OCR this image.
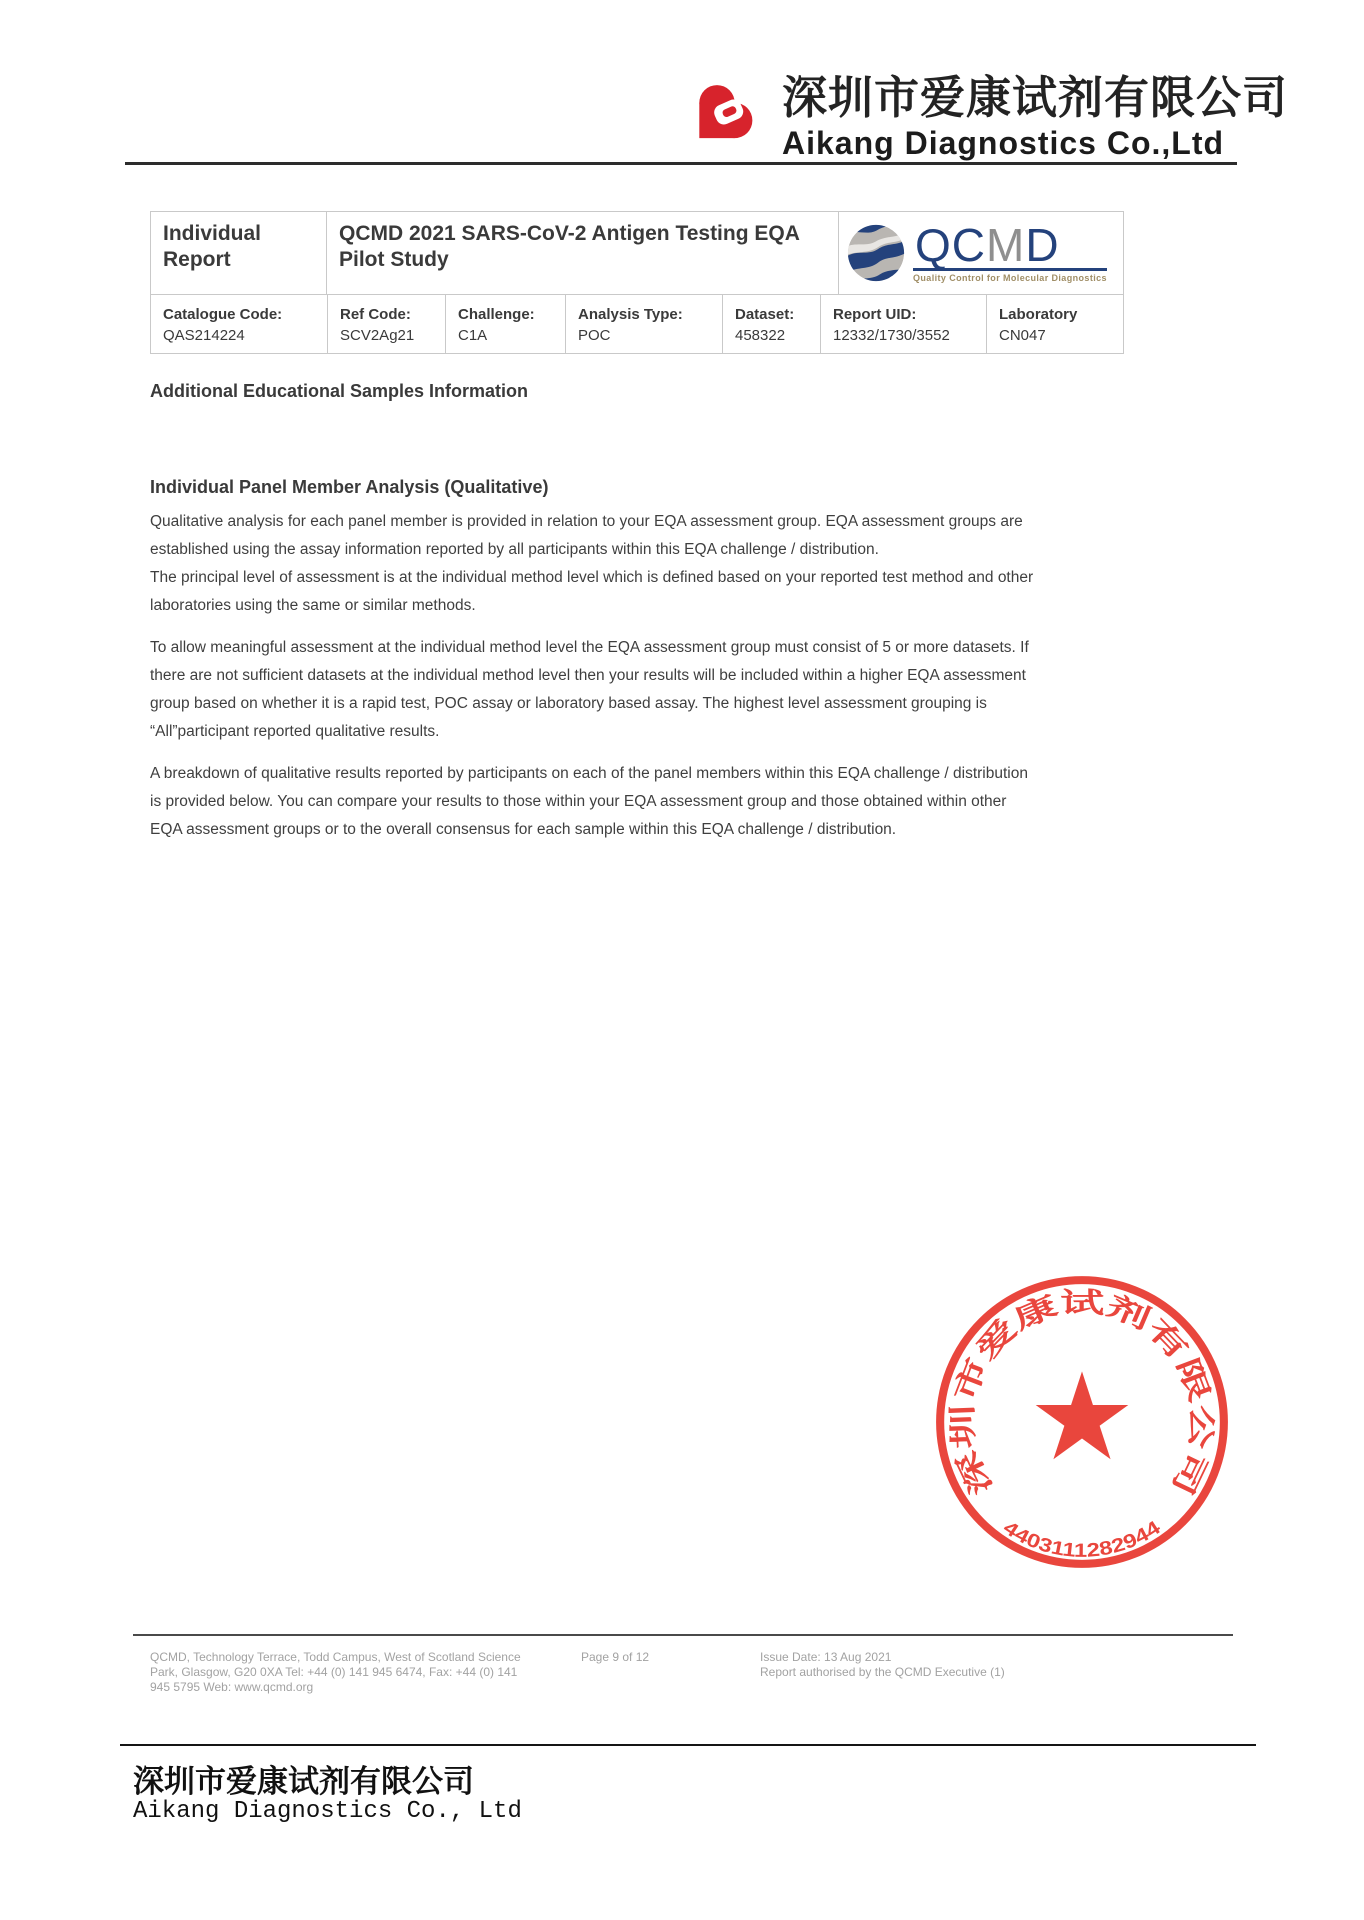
深圳市爱康试剂有限公司
Aikang Diagnostics Co.,Ltd
Individual Report
QCMD 2021 SARS-CoV-2 Antigen Testing EQA Pilot Study	QCMD
Quality Control for Molecular Diagnostics
Catalogue Code:
QAS214224
Ref Code:
SCV2Ag21
Challenge:
C1A
Analysis Type:
POC
Dataset:
458322
Report UID:
12332/1730/3552
Laboratory
CN047
Additional Educational Samples Information
Individual Panel Member Analysis (Qualitative)
Qualitative analysis for each panel member is provided in relation to your EQA assessment group. EQA assessment groups are
established using the assay information reported by all participants within this EQA challenge / distribution.
The principal level of assessment is at the individual method level which is defined based on your reported test method and other
laboratories using the same or similar methods.
To allow meaningful assessment at the individual method level the EQA assessment group must consist of 5 or more datasets. If
there are not sufficient datasets at the individual method level then your results will be included within a higher EQA assessment
group based on whether it is a rapid test, POC assay or laboratory based assay. The highest level assessment grouping is
“All”participant reported qualitative results.
A breakdown of qualitative results reported by participants on each of the panel members within this EQA challenge / distribution
is provided below. You can compare your results to those within your EQA assessment group and those obtained within other
EQA assessment groups or to the overall consensus for each sample within this EQA challenge / distribution.
深圳市爱康试剂有限公司
4403111282944
QCMD, Technology Terrace, Todd Campus, West of Scotland Science
Park, Glasgow, G20 0XA Tel: +44 (0) 141 945 6474, Fax: +44 (0) 141
945 5795 Web: www.qcmd.org
Page 9 of 12	Issue Date: 13 Aug 2021
Report authorised by the QCMD Executive (1)
深圳市爱康试剂有限公司
Aikang Diagnostics Co., Ltd
